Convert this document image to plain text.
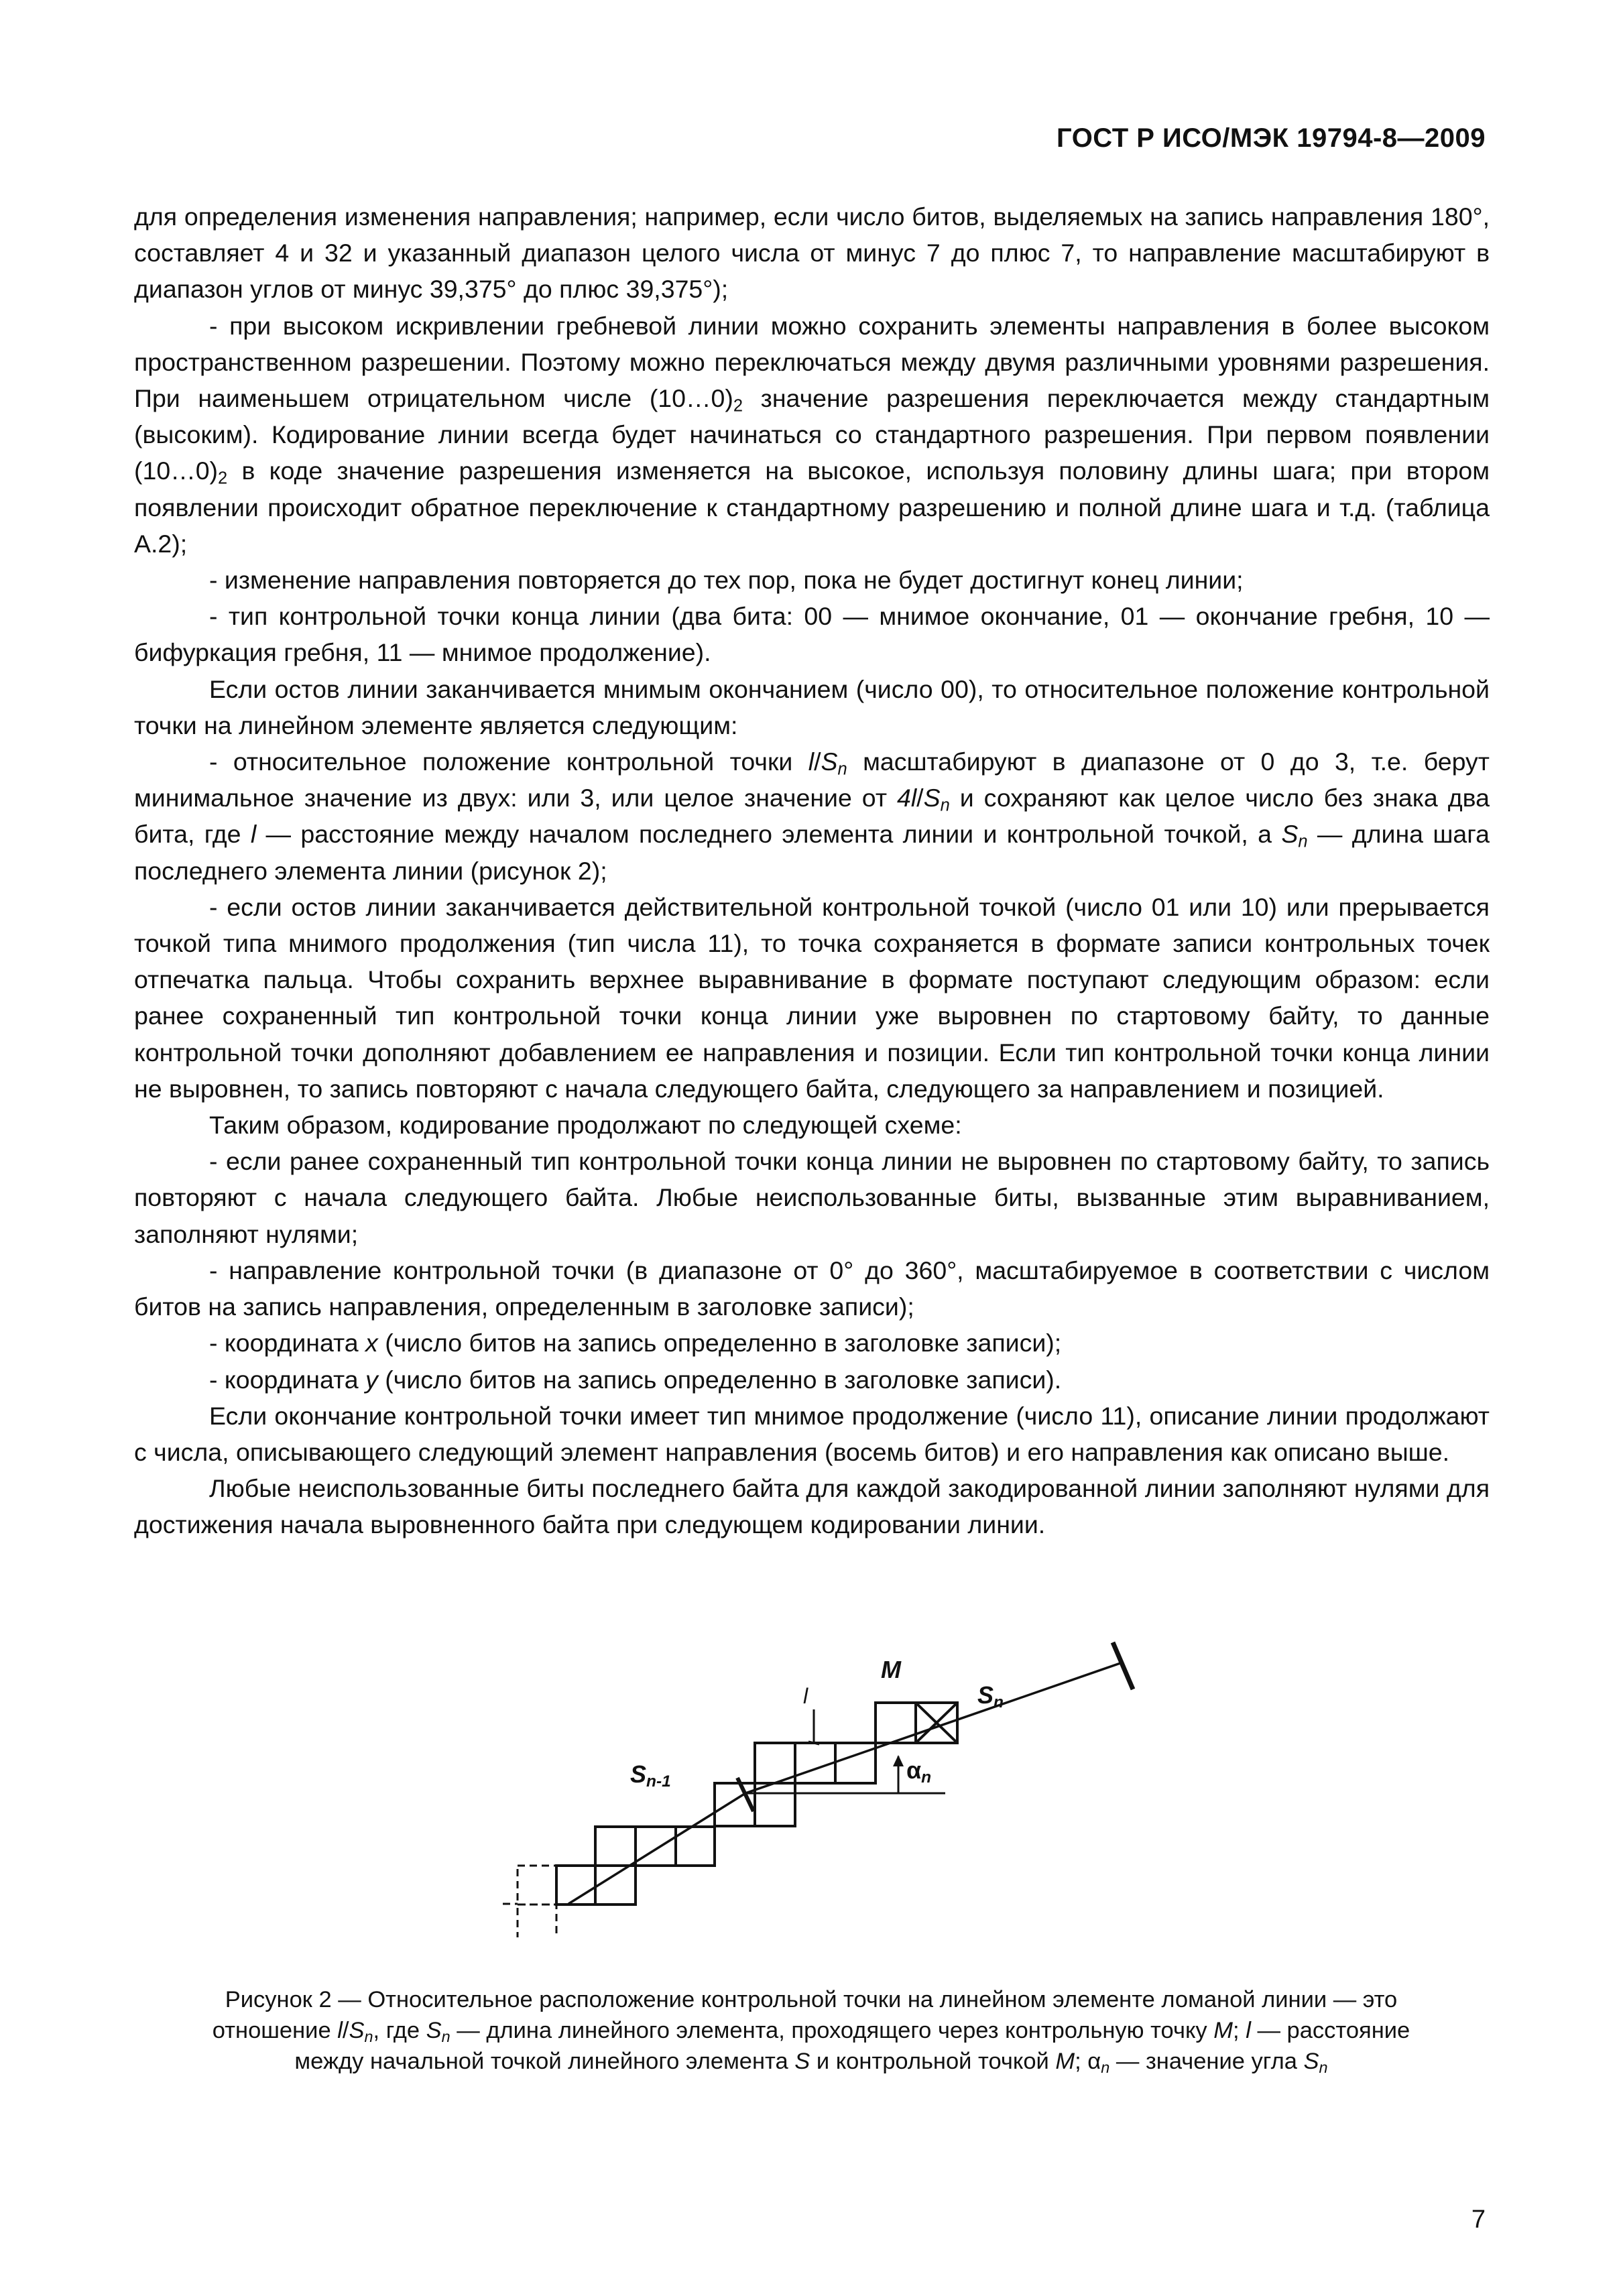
ГОСТ Р ИСО/МЭК 19794-8—2009

для определения изменения направления; например, если число битов, выделяемых на запись направления 180°, составляет 4 и 32 и указанный диапазон целого числа от минус 7 до плюс 7, то направление масштабируют в диапазон углов от минус 39,375° до плюс 39,375°);

- при высоком искривлении гребневой линии можно сохранить элементы направления в более высоком пространственном разрешении. Поэтому можно переключаться между двумя различными уровнями разрешения. При наименьшем отрицательном числе $(10\dots 0)_2$ значение разрешения переключается между стандартным (высоким). Кодирование линии всегда будет начинаться со стандартного разрешения. При первом появлении $(10\dots 0)_2$ в коде значение разрешения изменяется на высокое, используя половину длины шага; при втором появлении происходит обратное переключение к стандартному разрешению и полной длине шага и т.д. (таблица А.2);

- изменение направления повторяется до тех пор, пока не будет достигнут конец линии;

- тип контрольной точки конца линии (два бита: 00 — мнимое окончание, 01 — окончание гребня, 10 — бифуркация гребня, 11 — мнимое продолжение).

Если остов линии заканчивается мнимым окончанием (число 00), то относительное положение контрольной точки на линейном элементе является следующим:

- относительное положение контрольной точки $l/S_n$ масштабируют в диапазоне от 0 до 3, т.е. берут минимальное значение из двух: или 3, или целое значение от $4l/S_n$ и сохраняют как целое число без знака два бита, где l — расстояние между началом последнего элемента линии и контрольной точкой, а $S_n$ — длина шага последнего элемента линии (рисунок 2);

- если остов линии заканчивается действительной контрольной точкой (число 01 или 10) или прерывается точкой типа мнимого продолжения (тип числа 11), то точка сохраняется в формате записи контрольных точек отпечатка пальца. Чтобы сохранить верхнее выравнивание в формате поступают следующим образом: если ранее сохраненный тип контрольной точки конца линии уже выровнен по стартовому байту, то данные контрольной точки дополняют добавлением ее направления и позиции. Если тип контрольной точки конца линии не выровнен, то запись повторяют с начала следующего байта, следующего за направлением и позицией.

Таким образом, кодирование продолжают по следующей схеме:

- если ранее сохраненный тип контрольной точки конца линии не выровнен по стартовому байту, то запись повторяют с начала следующего байта. Любые неиспользованные биты, вызванные этим выравниванием, заполняют нулями;

- направление контрольной точки (в диапазоне от 0° до 360°, масштабируемое в соответствии с числом битов на запись направления, определенным в заголовке записи);

- координата x (число битов на запись определенно в заголовке записи);

- координата y (число битов на запись определенно в заголовке записи).

Если окончание контрольной точки имеет тип мнимое продолжение (число 11), описание линии продолжают с числа, описывающего следующий элемент направления (восемь битов) и его направления как описано выше.

Любые неиспользованные биты последнего байта для каждой закодированной линии заполняют нулями для достижения начала выровненного байта при следующем кодировании линии.

M
l	$S_n$
$S_{n-1}$	$\alpha_n$

Рисунок 2 — Относительное расположение контрольной точки на линейном элементе ломаной линии — это

отношение $l/S_n$, где $S_n$ — длина линейного элемента, проходящего через контрольную точку M; l — расстояние

между начальной точкой линейного элемента S и контрольной точкой M; $\alpha_n$ — значение угла $S_n$

7
